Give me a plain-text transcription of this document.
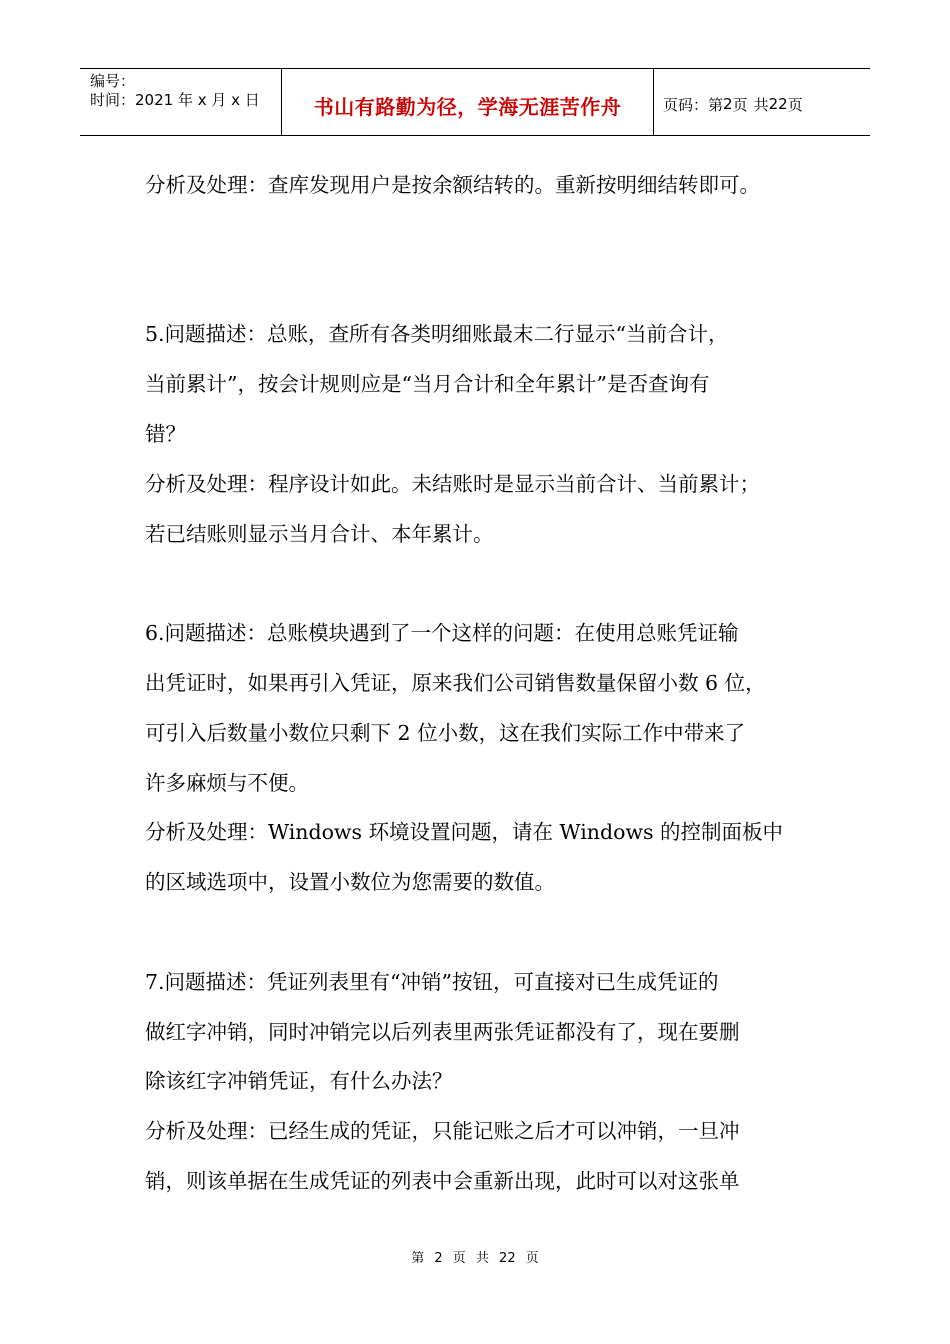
编号：
时间：2021 年 x 月 x 日	书山有路勤为径，学海无涯苦作舟	页码：第 2 页 共 22 页
分析及处理：查库发现用户是按余额结转的。重新按明细结转即可。
5.问题描述：总账，查所有各类明细账最末二行显示“当前合计，
当前累计”，按会计规则应是“当月合计和全年累计”是否查询有
错？
分析及处理：程序设计如此。未结账时是显示当前合计、当前累计；
若已结账则显示当月合计、本年累计。
6.问题描述：总账模块遇到了一个这样的问题：在使用总账凭证输
出凭证时，如果再引入凭证，原来我们公司销售数量保留小数 6 位，
可引入后数量小数位只剩下 2 位小数，这在我们实际工作中带来了
许多麻烦与不便。
分析及处理：Windows 环境设置问题，请在 Windows 的控制面板中
的区域选项中，设置小数位为您需要的数值。
7.问题描述：凭证列表里有“冲销”按钮，可直接对已生成凭证的
做红字冲销，同时冲销完以后列表里两张凭证都没有了，现在要删
除该红字冲销凭证，有什么办法？
分析及处理：已经生成的凭证，只能记账之后才可以冲销，一旦冲
销，则该单据在生成凭证的列表中会重新出现，此时可以对这张单
第 2 页 共 22 页
